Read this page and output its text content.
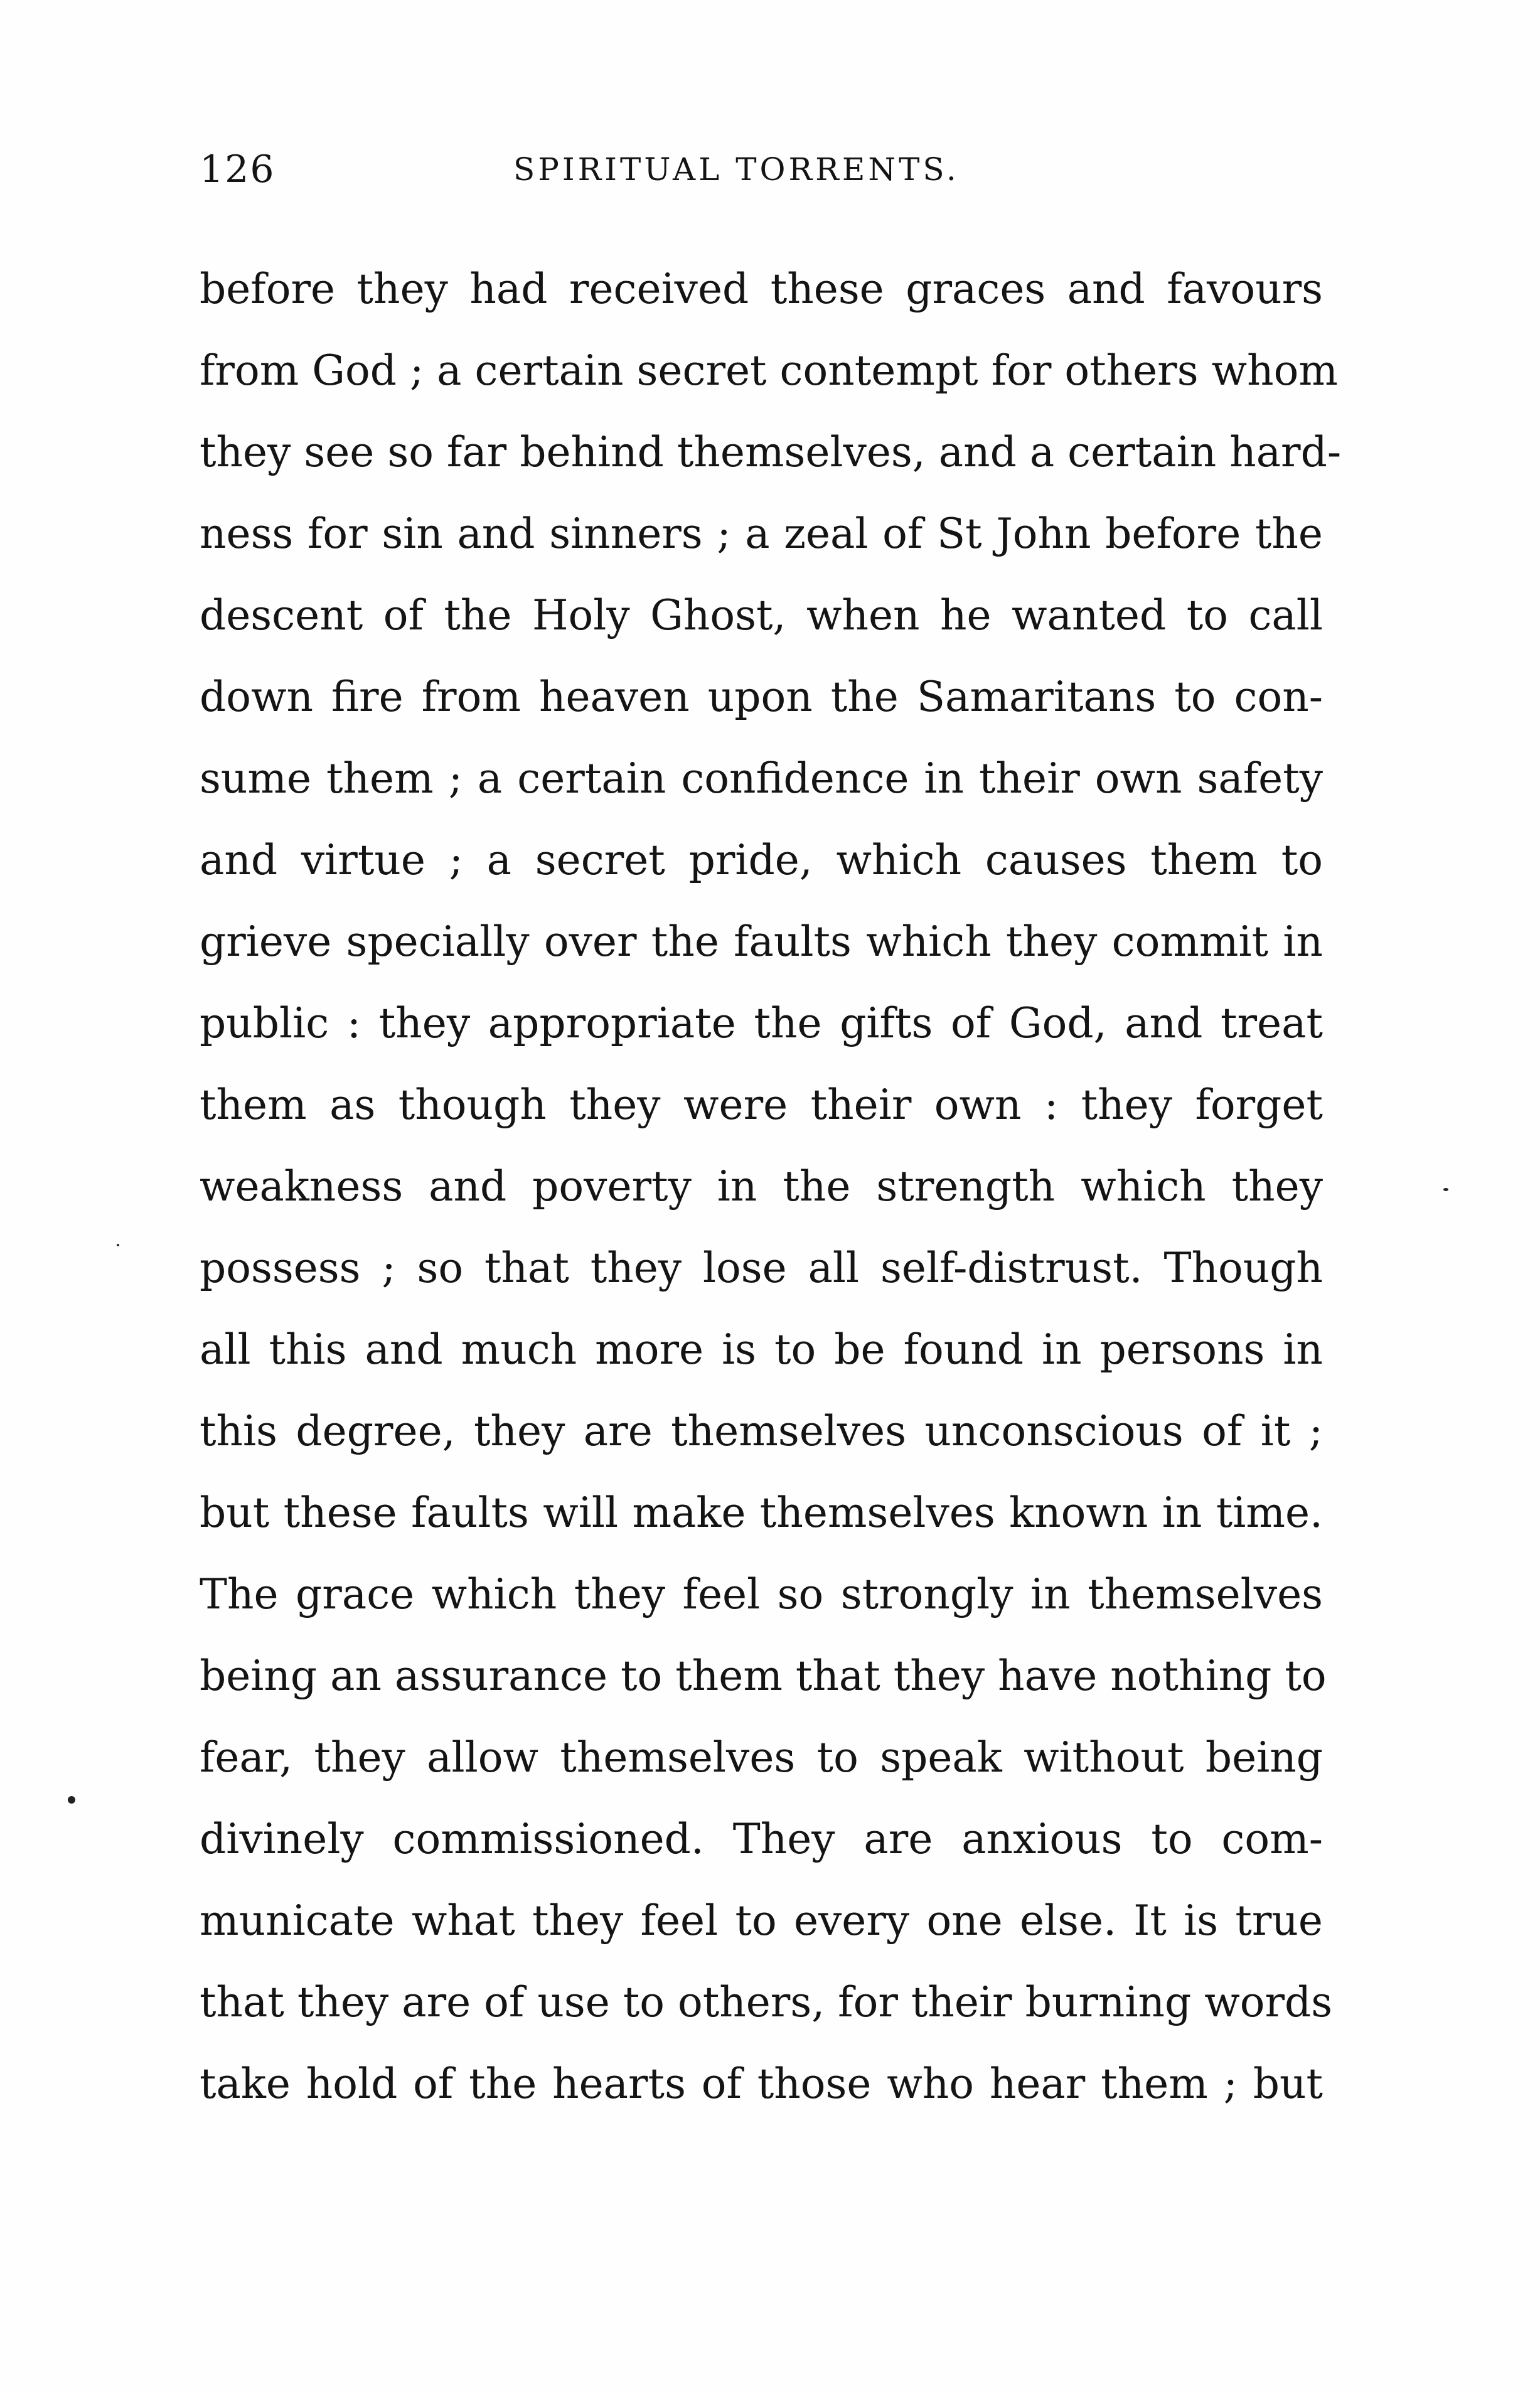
126	SPIRITUAL TORRENTS.
before they had received these graces and favours
from God ; a certain secret contempt for others whom
they see so far behind themselves, and a certain hard-
ness for sin and sinners ; a zeal of St John before the
descent of the Holy Ghost, when he wanted to call
down fire from heaven upon the Samaritans to con-
sume them ; a certain confidence in their own safety
and virtue ; a secret pride, which causes them to
grieve specially over the faults which they commit in
public : they appropriate the gifts of God, and treat
them as though they were their own : they forget
weakness and poverty in the strength which they
possess ; so that they lose all self-distrust. Though
all this and much more is to be found in persons in
this degree, they are themselves unconscious of it ;
but these faults will make themselves known in time.
The grace which they feel so strongly in themselves
being an assurance to them that they have nothing to
fear, they allow themselves to speak without being
divinely commissioned. They are anxious to com-
municate what they feel to every one else. It is true
that they are of use to others, for their burning words
take hold of the hearts of those who hear them ; but
